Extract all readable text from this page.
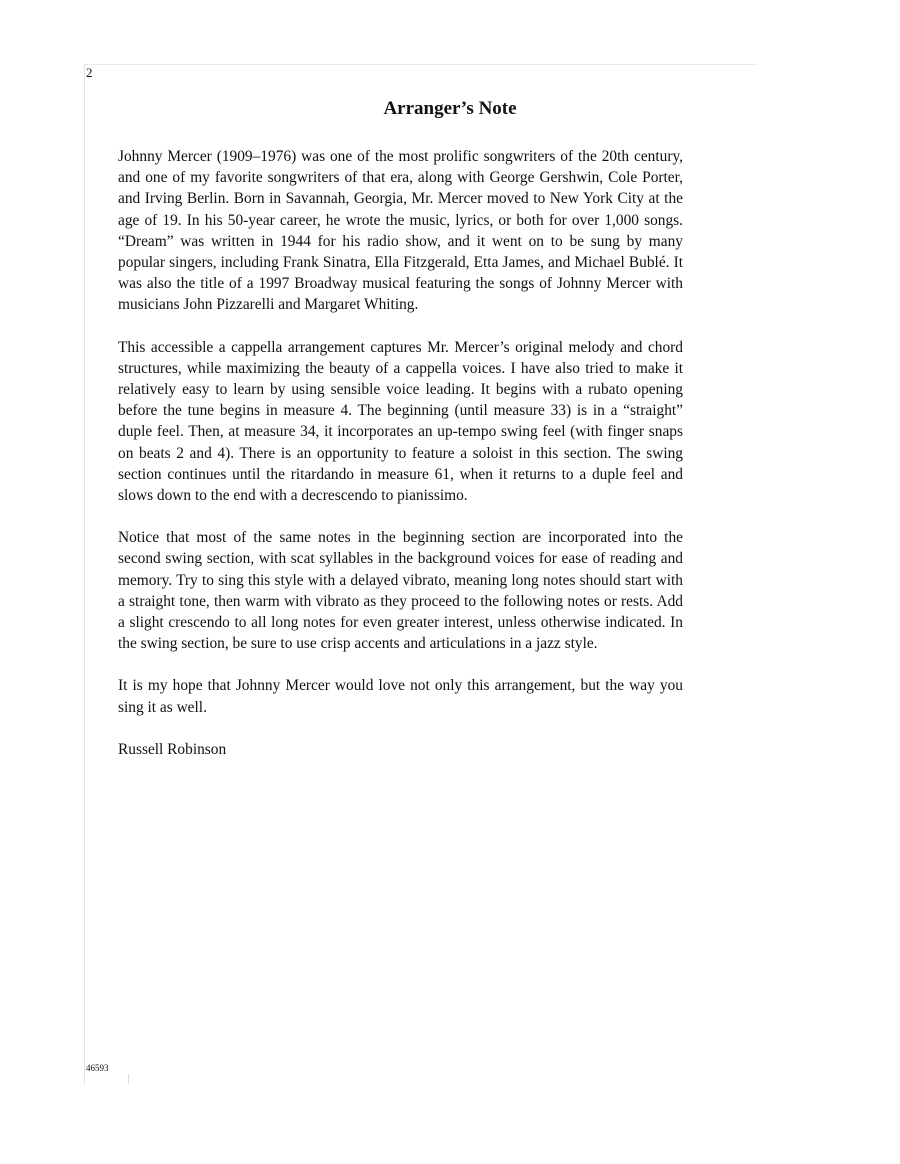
2
Arranger’s Note

Johnny Mercer (1909–1976) was one of the most prolific songwriters of the 20th century, and one of my favorite songwriters of that era, along with George Gershwin, Cole Porter, and Irving Berlin. Born in Savannah, Georgia, Mr. Mercer moved to New York City at the age of 19. In his 50-year career, he wrote the music, lyrics, or both for over 1,000 songs. “Dream” was written in 1944 for his radio show, and it went on to be sung by many popular singers, including Frank Sinatra, Ella Fitzgerald, Etta James, and Michael Bublé. It was also the title of a 1997 Broadway musical featuring the songs of Johnny Mercer with musicians John Pizzarelli and Margaret Whiting.

This accessible a cappella arrangement captures Mr. Mercer’s original melody and chord structures, while maximizing the beauty of a cappella voices. I have also tried to make it relatively easy to learn by using sensible voice leading. It begins with a rubato opening before the tune begins in measure 4. The beginning (until measure 33) is in a “straight” duple feel. Then, at measure 34, it incorporates an up-tempo swing feel (with finger snaps on beats 2 and 4). There is an opportunity to feature a soloist in this section. The swing section continues until the ritardando in measure 61, when it returns to a duple feel and slows down to the end with a decrescendo to pianissimo.

Notice that most of the same notes in the beginning section are incorporated into the second swing section, with scat syllables in the background voices for ease of reading and memory. Try to sing this style with a delayed vibrato, meaning long notes should start with a straight tone, then warm with vibrato as they proceed to the following notes or rests. Add a slight crescendo to all long notes for even greater interest, unless otherwise indicated. In the swing section, be sure to use crisp accents and articulations in a jazz style.

It is my hope that Johnny Mercer would love not only this arrangement, but the way you sing it as well.

Russell Robinson

46593
